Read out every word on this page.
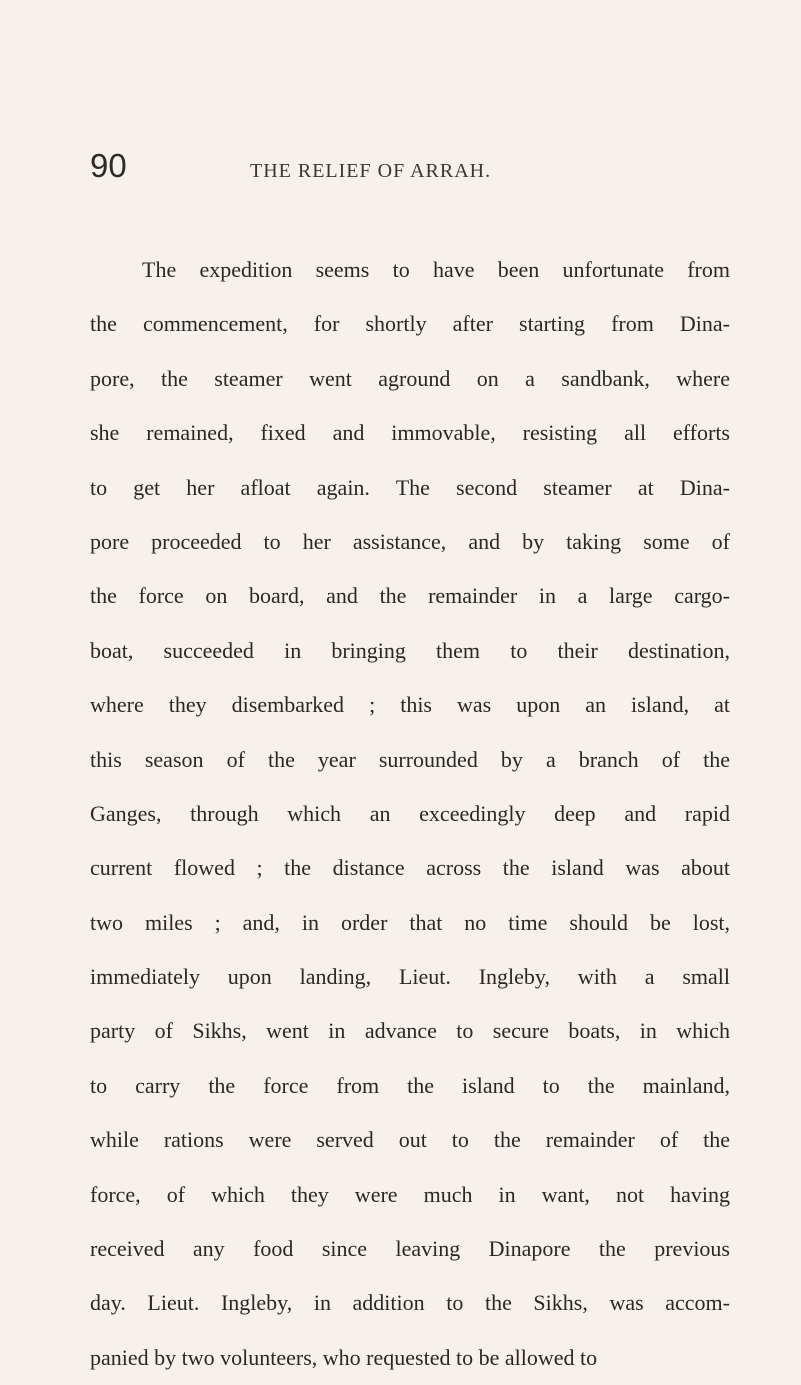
90	THE RELIEF OF ARRAH.
The expedition seems to have been unfortunate from
the commencement, for shortly after starting from Dina-
pore, the steamer went aground on a sandbank, where
she remained, fixed and immovable, resisting all efforts
to get her afloat again. The second steamer at Dina-
pore proceeded to her assistance, and by taking some of
the force on board, and the remainder in a large cargo-
boat, succeeded in bringing them to their destination,
where they disembarked ; this was upon an island, at
this season of the year surrounded by a branch of the
Ganges, through which an exceedingly deep and rapid
current flowed ; the distance across the island was about
two miles ; and, in order that no time should be lost,
immediately upon landing, Lieut. Ingleby, with a small
party of Sikhs, went in advance to secure boats, in which
to carry the force from the island to the mainland,
while rations were served out to the remainder of the
force, of which they were much in want, not having
received any food since leaving Dinapore the previous
day. Lieut. Ingleby, in addition to the Sikhs, was accom-
panied by two volunteers, who requested to be allowed to
